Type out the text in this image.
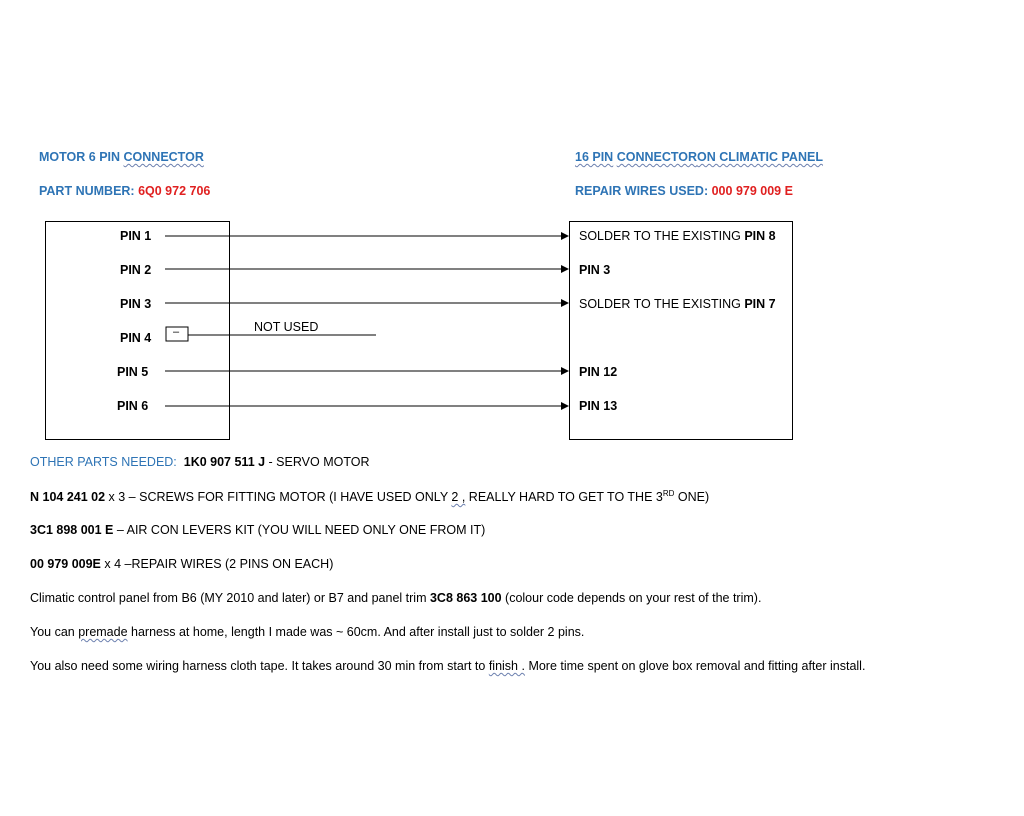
MOTOR 6 PIN CONNECTOR
PART NUMBER: 6Q0 972 706
16 PIN CONNECTORON CLIMATIC PANEL
REPAIR WIRES USED: 000 979 009 E
–
PIN 1
PIN 2
PIN 3
PIN 4
PIN 5
PIN 6
NOT USED
SOLDER TO THE EXISTING PIN 8
PIN 3
SOLDER TO THE EXISTING PIN 7
PIN 12
PIN 13
OTHER PARTS NEEDED: 1K0 907 511 J - SERVO MOTOR
N 104 241 02 x 3 – SCREWS FOR FITTING MOTOR (I HAVE USED ONLY 2 , REALLY HARD TO GET TO THE 3RD ONE)
3C1 898 001 E – AIR CON LEVERS KIT (YOU WILL NEED ONLY ONE FROM IT)
00 979 009E x 4 –REPAIR WIRES (2 PINS ON EACH)
Climatic control panel from B6 (MY 2010 and later) or B7 and panel trim 3C8 863 100 (colour code depends on your rest of the trim).
You can premade harness at home, length I made was ~ 60cm. And after install just to solder 2 pins.
You also need some wiring harness cloth tape. It takes around 30 min from start to finish . More time spent on glove box removal and fitting after install.
